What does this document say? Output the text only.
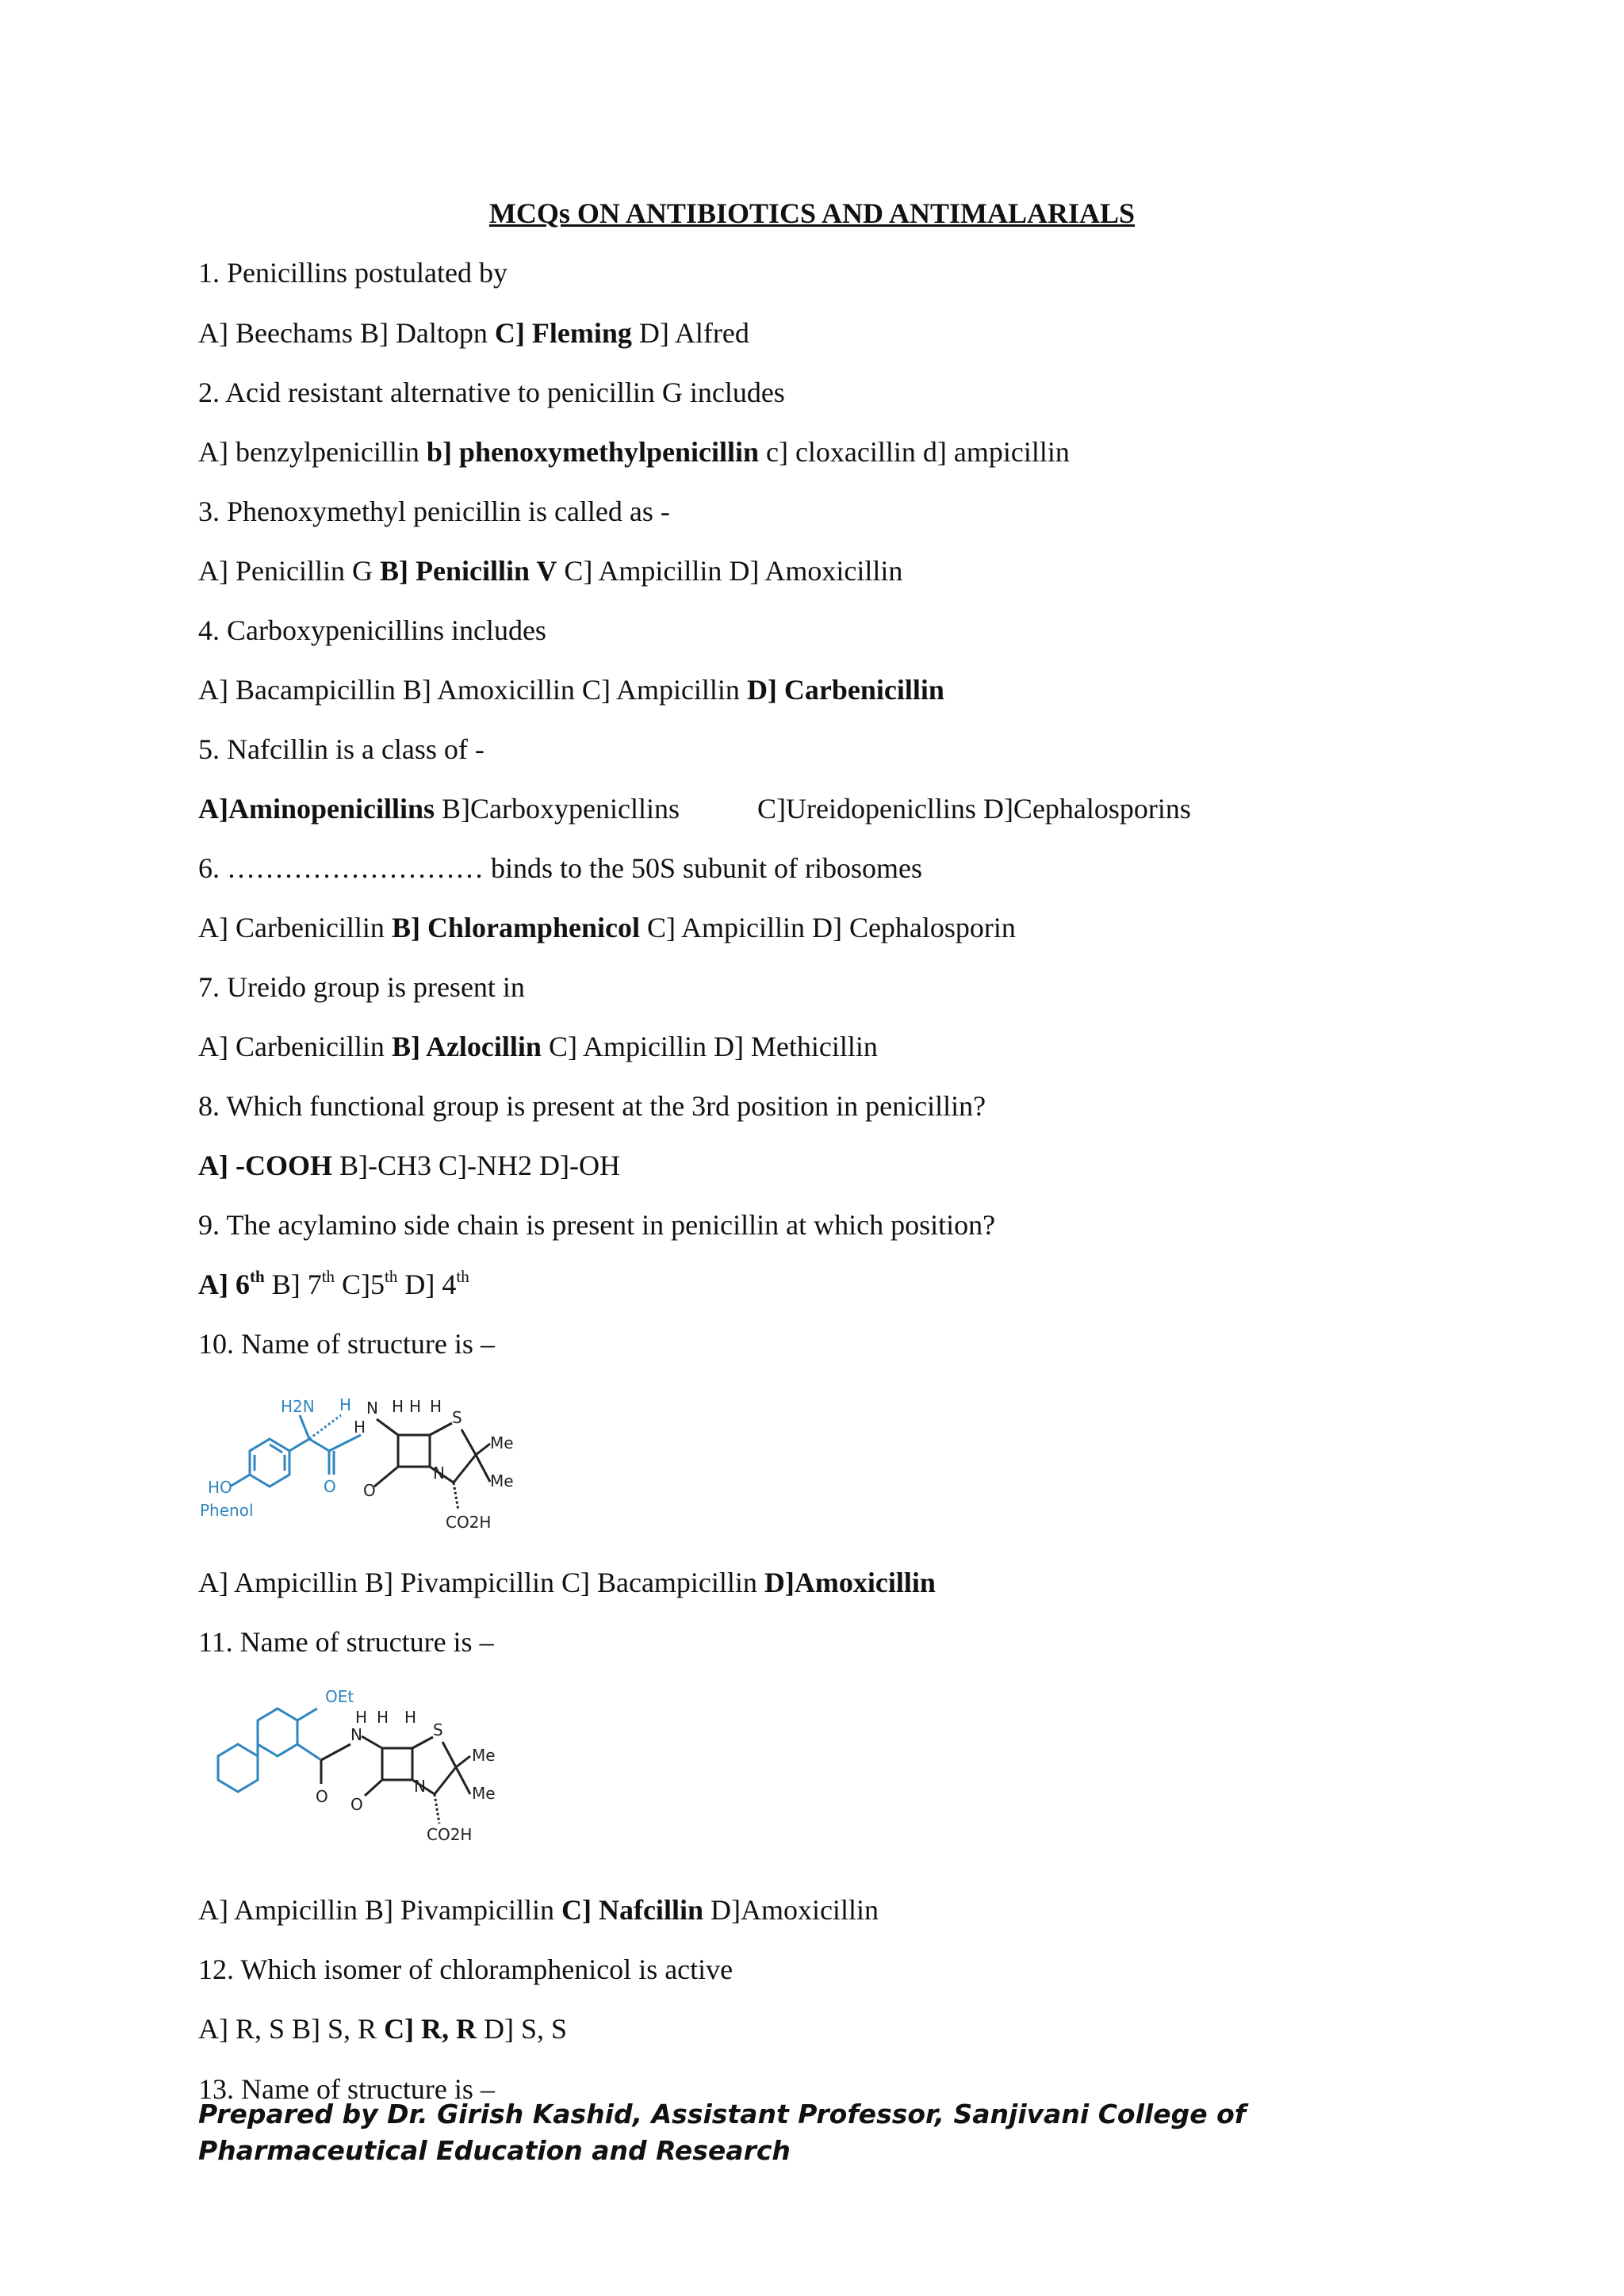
MCQs ON ANTIBIOTICS AND ANTIMALARIALS
1. Penicillins postulated by
A] Beechams B] Daltopn C] Fleming D] Alfred
2. Acid resistant alternative to penicillin G includes
A] benzylpenicillin b] phenoxymethylpenicillin c] cloxacillin d] ampicillin
3. Phenoxymethyl penicillin is called as -
A] Penicillin G B] Penicillin V C] Ampicillin D] Amoxicillin
4. Carboxypenicillins includes
A] Bacampicillin B] Amoxicillin C] Ampicillin D] Carbenicillin
5. Nafcillin is a class of -
A]Aminopenicillins B]Carboxypenicllins	C]Ureidopenicllins D]Cephalosporins
6. ……………………… binds to the 50S subunit of ribosomes
A] Carbenicillin B] Chloramphenicol C] Ampicillin D] Cephalosporin
7. Ureido group is present in
A] Carbenicillin B] Azlocillin C] Ampicillin D] Methicillin
8. Which functional group is present at the 3rd position in penicillin?
A] -COOH B]-CH3 C]-NH2 D]-OH
9. The acylamino side chain is present in penicillin at which position?
A] 6th B] 7th C]5th D] 4th
10. Name of structure is –
HO
Phenol
H2N H
O
H
N H H H
O
S
N
Me
Me
CO2H
A] Ampicillin B] Pivampicillin C] Bacampicillin D]Amoxicillin
11. Name of structure is –
OEt
O
N
H H H
O
S
N
Me
Me
CO2H
A] Ampicillin B] Pivampicillin C] Nafcillin D]Amoxicillin
12. Which isomer of chloramphenicol is active
A] R, S B] S, R C] R, R D] S, S
13. Name of structure is –
Prepared by Dr. Girish Kashid, Assistant Professor, Sanjivani College of Pharmaceutical Education and Research
